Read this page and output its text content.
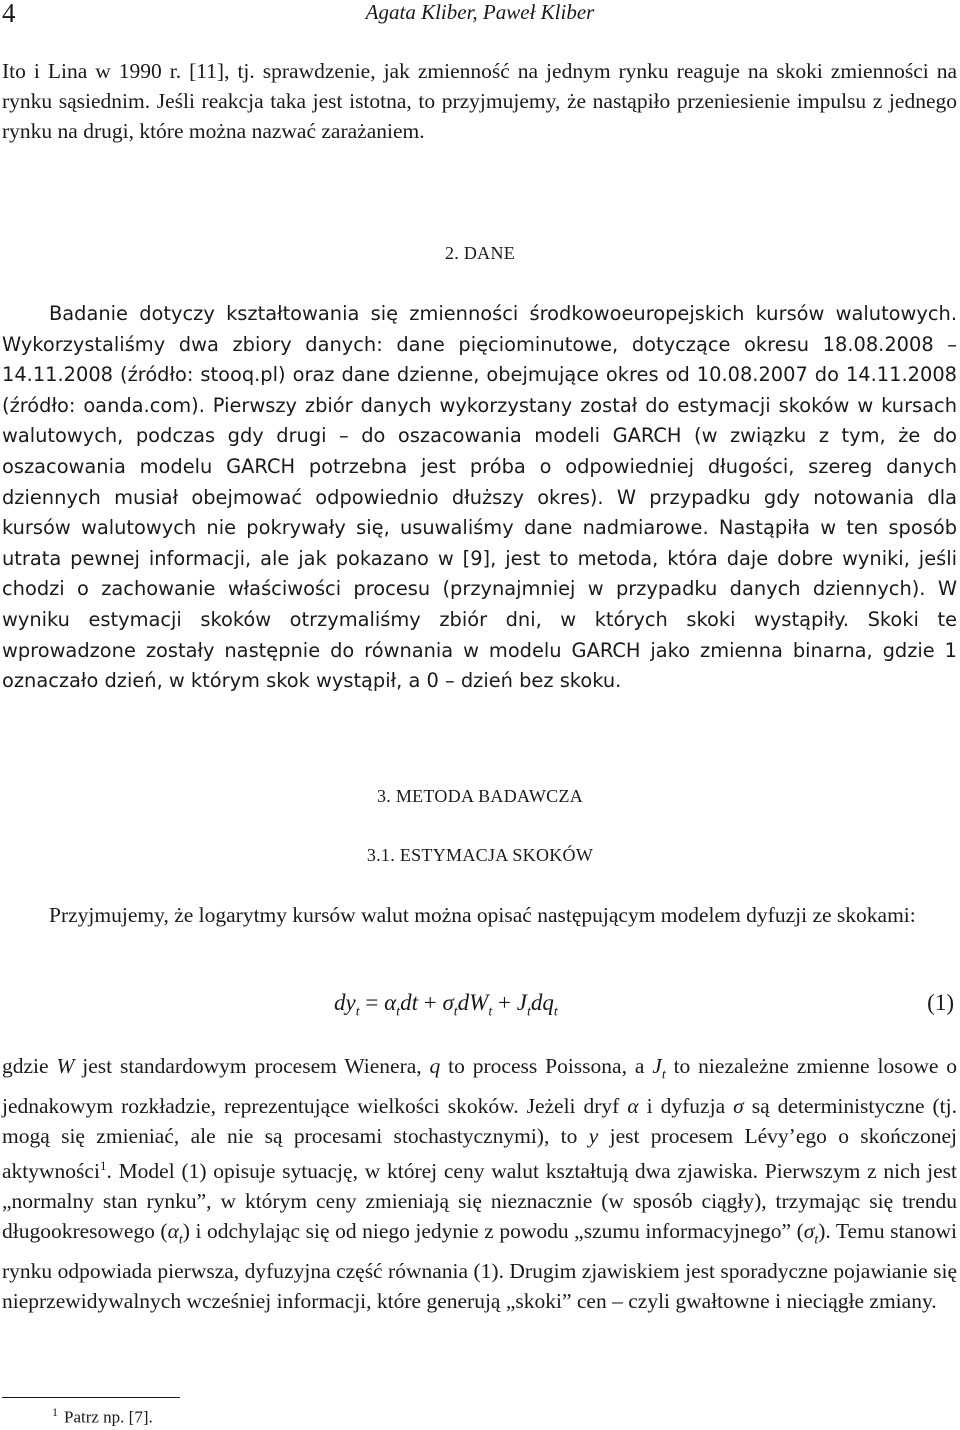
4	Agata Kliber, Paweł Kliber

Ito i Lina w 1990 r. [11], tj. sprawdzenie, jak zmienność na jednym rynku reaguje na skoki zmienności na rynku sąsiednim. Jeśli reakcja taka jest istotna, to przyjmujemy, że nastąpiło przeniesienie impulsu z jednego rynku na drugi, które można nazwać zarażaniem.

2. DANE

Badanie dotyczy kształtowania się zmienności środkowoeuropejskich kursów walutowych. Wykorzystaliśmy dwa zbiory danych: dane pięciominutowe, dotyczące okresu 18.08.2008 – 14.11.2008 (źródło: stooq.pl) oraz dane dzienne, obejmujące okres od 10.08.2007 do 14.11.2008 (źródło: oanda.com). Pierwszy zbiór danych wykorzystany został do estymacji skoków w kursach walutowych, podczas gdy drugi – do oszacowania modeli GARCH (w związku z tym, że do oszacowania modelu GARCH potrzebna jest próba o odpowiedniej długości, szereg danych dziennych musiał obejmować odpowiednio dłuższy okres). W przypadku gdy notowania dla kursów walutowych nie pokrywały się, usuwaliśmy dane nadmiarowe. Nastąpiła w ten sposób utrata pewnej informacji, ale jak pokazano w [9], jest to metoda, która daje dobre wyniki, jeśli chodzi o zachowanie właściwości procesu (przynajmniej w przypadku danych dziennych). W wyniku estymacji skoków otrzymaliśmy zbiór dni, w których skoki wystąpiły. Skoki te wprowadzone zostały następnie do równania w modelu GARCH jako zmienna binarna, gdzie 1 oznaczało dzień, w którym skok wystąpił, a 0 – dzień bez skoku.

3. METODA BADAWCZA
3.1. ESTYMACJA SKOKÓW

Przyjmujemy, że logarytmy kursów walut można opisać następującym modelem dyfuzji ze skokami:

$dy_t = \alpha_tdt + \sigma_tdW_t + J_tdq_t$	(1)

gdzie W jest standardowym procesem Wienera, q to process Poissona, a $J_t$ to niezależne zmienne losowe o jednakowym rozkładzie, reprezentujące wielkości skoków. Jeżeli dryf α i dyfuzja σ są deterministyczne (tj. mogą się zmieniać, ale nie są procesami stochastycznymi), to y jest procesem Lévy’ego o skończonej aktywności$^1$. Model (1) opisuje sytuację, w której ceny walut kształtują dwa zjawiska. Pierwszym z nich jest „normalny stan rynku”, w którym ceny zmieniają się nieznacznie (w sposób ciągły), trzymając się trendu długookresowego $(\alpha_t)$ i odchylając się od niego jedynie z powodu „szumu informacyjnego” $(\sigma_t)$. Temu stanowi rynku odpowiada pierwsza, dyfuzyjna część równania (1). Drugim zjawiskiem jest sporadyczne pojawianie się nieprzewidywalnych wcześniej informacji, które generują „skoki” cen – czyli gwałtowne i nieciągłe zmiany.

$^1$ Patrz np. [7].
